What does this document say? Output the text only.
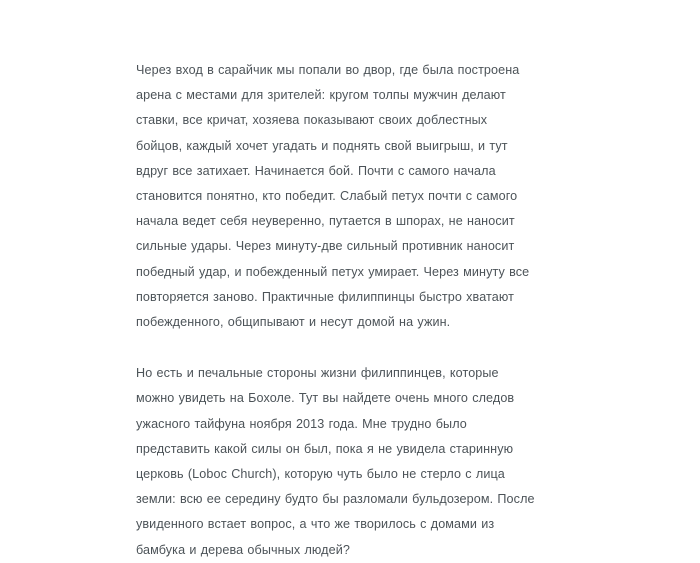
Через вход в сарайчик мы попали во двор, где была построена арена с местами для зрителей: кругом толпы мужчин делают ставки, все кричат, хозяева показывают своих доблестных бойцов, каждый хочет угадать и поднять свой выигрыш, и тут вдруг все затихает. Начинается бой. Почти с самого начала становится понятно, кто победит. Слабый петух почти с самого начала ведет себя неуверенно, путается в шпорах, не наносит сильные удары. Через минуту-две сильный противник наносит победный удар, и побежденный петух умирает. Через минуту все повторяется заново. Практичные филиппинцы быстро хватают побежденного, общипывают и несут домой на ужин.

Но есть и печальные стороны жизни филиппинцев, которые можно увидеть на Бохоле. Тут вы найдете очень много следов ужасного тайфуна ноября 2013 года. Мне трудно было представить какой силы он был, пока я не увидела старинную церковь (Loboc Church), которую чуть было не стерло с лица земли: всю ее середину будто бы разломали бульдозером. После увиденного встает вопрос, а что же творилось с домами из бамбука и дерева обычных людей?
